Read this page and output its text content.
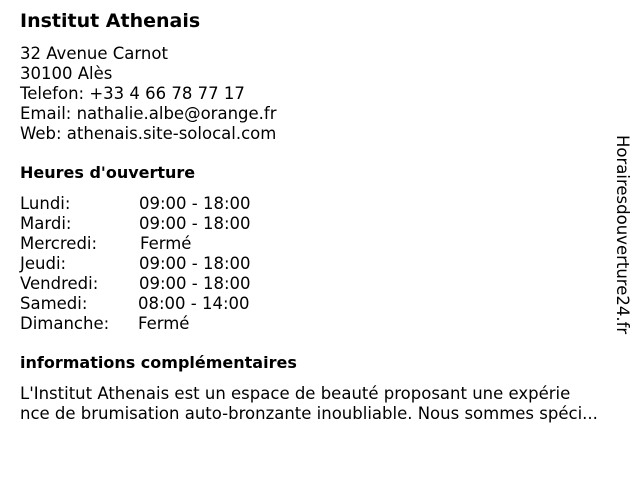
Institut Athenais
32 Avenue Carnot
30100 Alès
Telefon: +33 4 66 78 77 17
Email: nathalie.albe@orange.fr
Web: athenais.site-solocal.com
Heures d'ouverture
Lundi:	09:00 - 18:00
Mardi:	09:00 - 18:00
Mercredi:	Fermé
Jeudi:	09:00 - 18:00
Vendredi: 09:00 - 18:00
Samedi:	08:00 - 14:00
Dimanche: Fermé
informations complémentaires
L'Institut Athenais est un espace de beauté proposant une expérie
nce de brumisation auto-bronzante inoubliable. Nous sommes spéci...
Horairesdouverture24.fr
